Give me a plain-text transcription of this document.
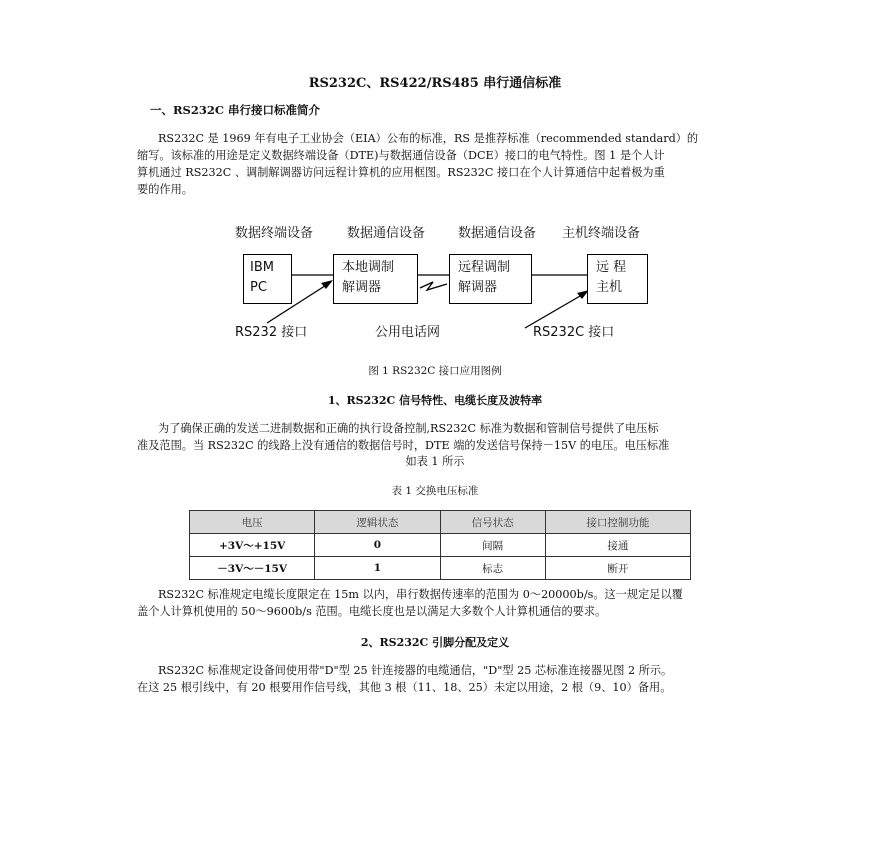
RS232C、RS422/RS485 串行通信标准
一、RS232C 串行接口标准简介
RS232C 是 1969 年有电子工业协会（EIA）公布的标准，RS 是推荐标准（recommended standard）的
缩写。该标准的用途是定义数据终端设备（DTE)与数据通信设备（DCE）接口的电气特性。图 1 是个人计
算机通过 RS232C 、调制解调器访问远程计算机的应用框图。RS232C 接口在个人计算通信中起着极为重
要的作用。
数据终端设备	数据通信设备	数据通信设备 主机终端设备
IBM
PC
本地调制
解调器
远程调制
解调器
远 程
主机
RS232 接口	公用电话网	RS232C 接口
图 1 RS232C 接口应用图例
1、RS232C 信号特性、电缆长度及波特率
为了确保正确的发送二进制数据和正确的执行设备控制,RS232C 标准为数据和管制信号提供了电压标
准及范围。当 RS232C 的线路上没有通信的数据信号时，DTE 端的发送信号保持－15V 的电压。电压标准
如表 1 所示
表 1 交换电压标准
电压	逻辑状态	信号状态	接口控制功能
+3V～+15V	0	间隔	接通
－3V～－15V	1	标志	断开
RS232C 标准规定电缆长度限定在 15m 以内，串行数据传速率的范围为 0～20000b/s。这一规定足以覆
盖个人计算机使用的 50～9600b/s 范围。电缆长度也是以满足大多数个人计算机通信的要求。
2、RS232C 引脚分配及定义
RS232C 标准规定设备间使用带"D"型 25 针连接器的电缆通信，"D"型 25 芯标准连接器见图 2 所示。
在这 25 根引线中，有 20 根要用作信号线，其他 3 根（11、18、25）未定以用途，2 根（9、10）备用。
